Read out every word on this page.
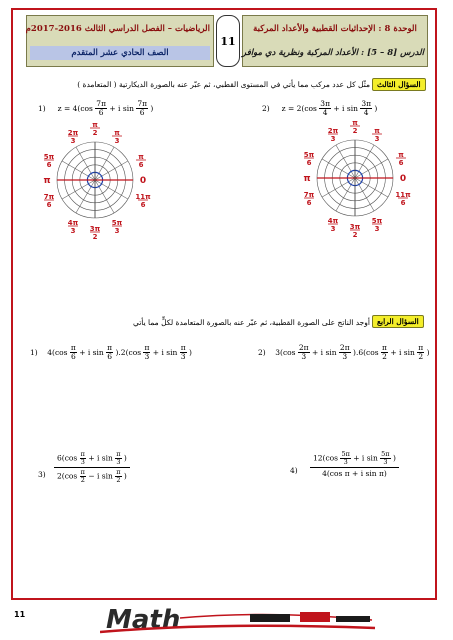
الوحدة 8 : الإحداثيات القطبية والأعداد المركبة
الدرس [8 – 5] : الأعداد المركبة ونظرية دي موافر
11
الرياضيات – الفصل الدراسي الثالث 2016-2017م
الصف الحادي عشر المتقدم
السؤال الثالث
مثّل كل عدد مركب مما يأتي في المستوى القطبي، ثم عبّر عنه بالصورة الديكارتية ( المتعامدة )
1) $z = 4(\cos \frac{7\pi}{6} + i$ $\sin \frac{7\pi}{6}$ )	2) $z = 2(\cos \frac{3\pi}{4} + i$ $\sin \frac{3\pi}{4}$ )
π
2
2π
3
π
3
5π
6
π
6
π	0
7π
6
11π
6
4π
3
5π
3
3π
2
π
2
2π
3
π
3
5π
6
π
6
π	0
7π
6
11π
6
4π
3
5π
3
3π
2
السؤال الرابع
أوجد الناتج على الصورة القطبية، ثم عبّر عنه بالصورة المتعامدة لكلٍّ مما يأتي
1) $4(\cos \frac{\pi}{6} + i$ $\sin \frac{\pi}{6} ).2(\cos \frac{\pi}{3} + i$ $\sin \frac{\pi}{3}$ )	2) $3(\cos \frac{2\pi}{3} + i$ $\sin \frac{2\pi}{3} ).6(\cos \frac{\pi}{2} + i$ $\sin \frac{\pi}{2}$ )
3)
$6(\cos \frac{\pi}{3} + i$ $\sin \frac{\pi}{3}$ )
$2(\cos \frac{\pi}{2} - i$ $\sin \frac{\pi}{2}$ )
4)
$12(\cos \frac{5\pi}{3} + i$ $\sin \frac{5\pi}{3}$ )
4(cos π + i sin π)
11	Math
